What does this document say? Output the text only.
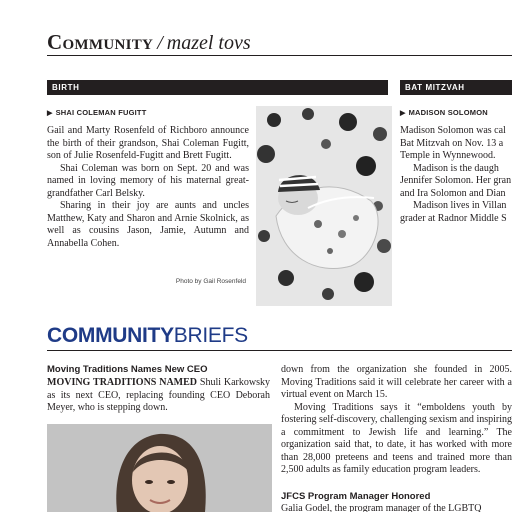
Community / mazel tovs
BIRTH	BAT MITZVAH
▶ SHAI COLEMAN FUGITT	▶ MADISON SOLOMON

Gail and Marty Rosenfeld of Richboro announce the birth of their grandson, Shai Coleman Fugitt, son of Julie Rosenfeld-Fugitt and Brett Fugitt.

Shai Coleman was born on Sept. 20 and was named in loving memory of his maternal great-grandfather Carl Belsky.

Sharing in their joy are aunts and uncles Matthew, Katy and Sharon and Arnie Skolnick, as well as cousins Jason, Jamie, Autumn and Annabella Cohen.

Photo by Gail Rosenfeld
Madison Solomon was cal
Bat Mitzvah on Nov. 13 a
Temple in Wynnewood.
Madison is the daugh
Jennifer Solomon. Her gran
and Ira Solomon and Dian
Madison lives in Villan
grader at Radnor Middle S
COMMUNITYBRIEFS
Moving Traditions Names New CEO
MOVING TRADITIONS NAMED Shuli Karkowsky as its next CEO, replacing founding CEO Deborah Meyer, who is stepping down.

down from the organization she founded in 2005. Moving Traditions said it will celebrate her career with a virtual event on March 15.

Moving Traditions says it “emboldens youth by fostering self-discovery, challenging sexism and inspiring a commitment to Jewish life and learning.” The organization said that, to date, it has worked with more than 28,000 preteens and teens and trained more than 2,500 adults as family education program leaders.

JFCS Program Manager Honored
Galia Godel, the program manager of the LGBTQ
